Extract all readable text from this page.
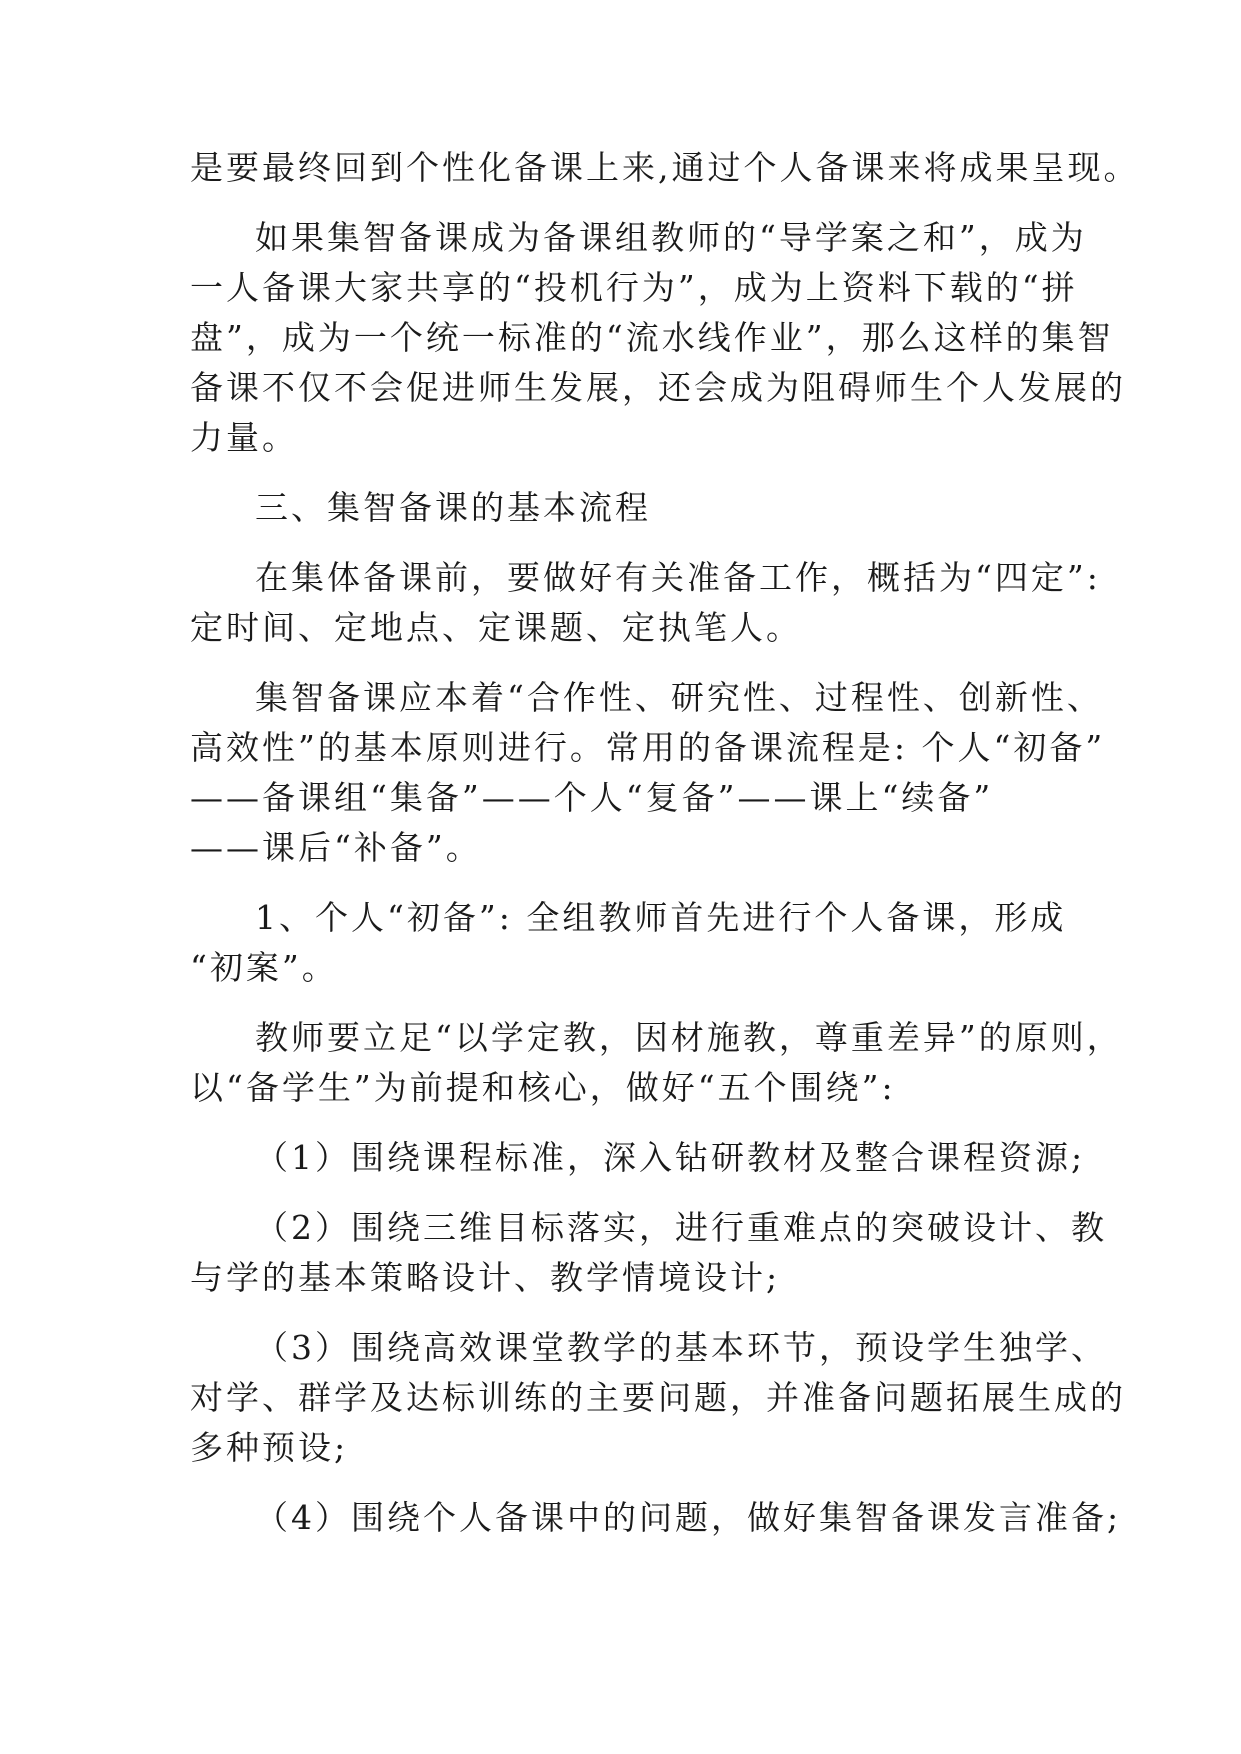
是要最终回到个性化备课上来,通过个人备课来将成果呈现。
如果集智备课成为备课组教师的“导学案之和”，成为
一人备课大家共享的“投机行为”，成为上资料下载的“拼
盘”，成为一个统一标准的“流水线作业”，那么这样的集智
备课不仅不会促进师生发展，还会成为阻碍师生个人发展的
力量。
三、集智备课的基本流程
在集体备课前，要做好有关准备工作，概括为“四定”:
定时间、定地点、定课题、定执笔人。
集智备课应本着“合作性、研究性、过程性、创新性、
高效性”的基本原则进行。常用的备课流程是: 个人“初备”
——备课组“集备”——个人“复备”——课上“续备”
——课后“补备”。
1、个人“初备”: 全组教师首先进行个人备课，形成
“初案”。
教师要立足“以学定教，因材施教，尊重差异”的原则，
以“备学生”为前提和核心，做好“五个围绕”:
（1）围绕课程标准，深入钻研教材及整合课程资源;
（2）围绕三维目标落实，进行重难点的突破设计、教
与学的基本策略设计、教学情境设计;
（3）围绕高效课堂教学的基本环节，预设学生独学、
对学、群学及达标训练的主要问题，并准备问题拓展生成的
多种预设;
（4）围绕个人备课中的问题，做好集智备课发言准备;
